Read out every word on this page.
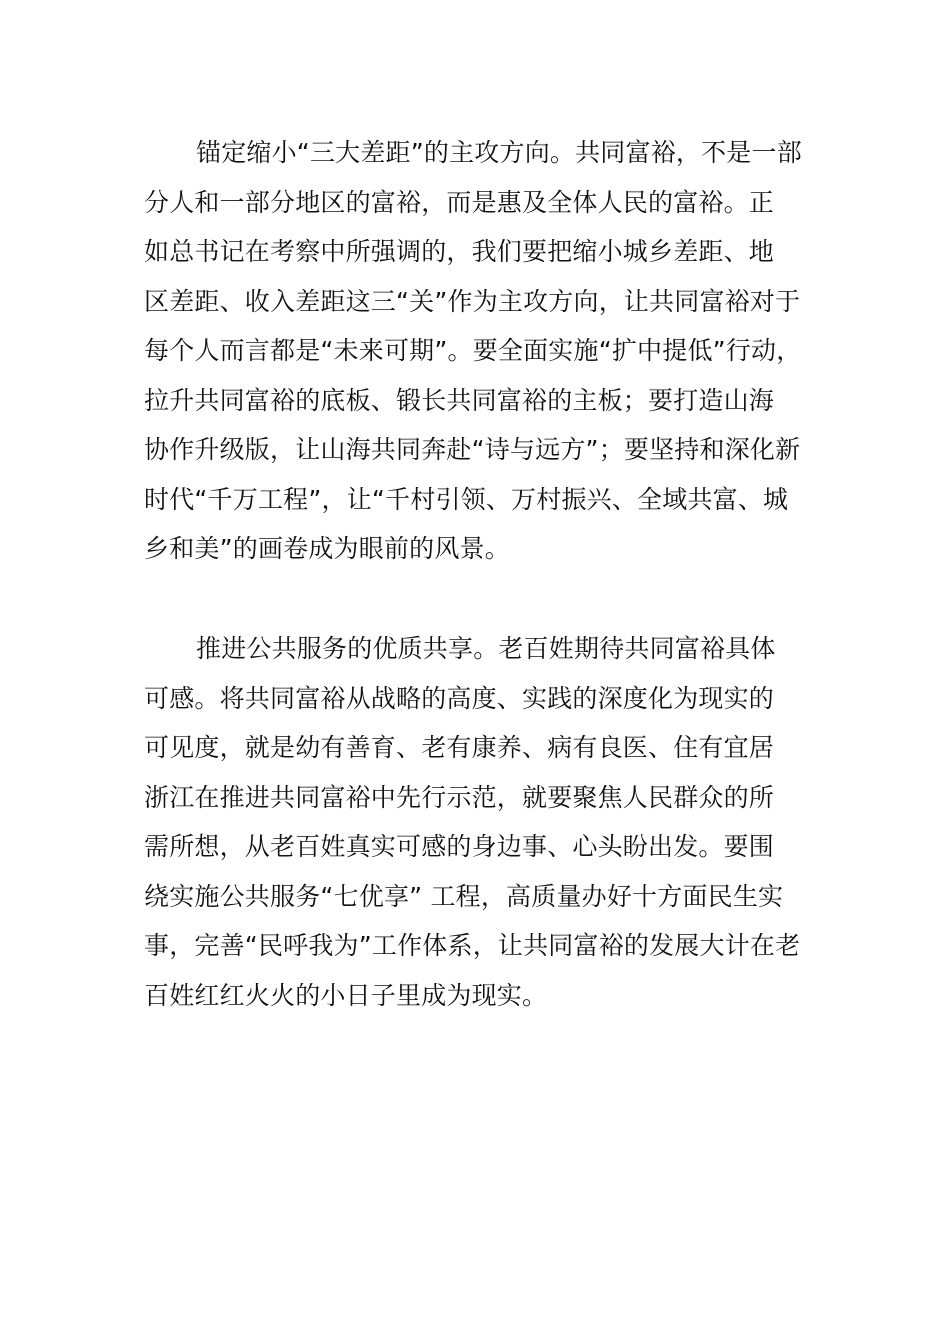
锚定缩小“三大差距”的主攻方向。共同富裕，不是一部
分人和一部分地区的富裕，而是惠及全体人民的富裕。正
如总书记在考察中所强调的，我们要把缩小城乡差距、地
区差距、收入差距这三“关”作为主攻方向，让共同富裕对于
每个人而言都是“未来可期”。要全面实施“扩中提低”行动，
拉升共同富裕的底板、锻长共同富裕的主板；要打造山海
协作升级版，让山海共同奔赴“诗与远方”；要坚持和深化新
时代“千万工程”，让“千村引领、万村振兴、全域共富、城
乡和美”的画卷成为眼前的风景。
推进公共服务的优质共享。老百姓期待共同富裕具体
可感。将共同富裕从战略的高度、实践的深度化为现实的
可见度，就是幼有善育、老有康养、病有良医、住有宜居
浙江在推进共同富裕中先行示范，就要聚焦人民群众的所
需所想，从老百姓真实可感的身边事、心头盼出发。要围
绕实施公共服务“七优享” 工程，高质量办好十方面民生实
事，完善“民呼我为”工作体系，让共同富裕的发展大计在老
百姓红红火火的小日子里成为现实。
